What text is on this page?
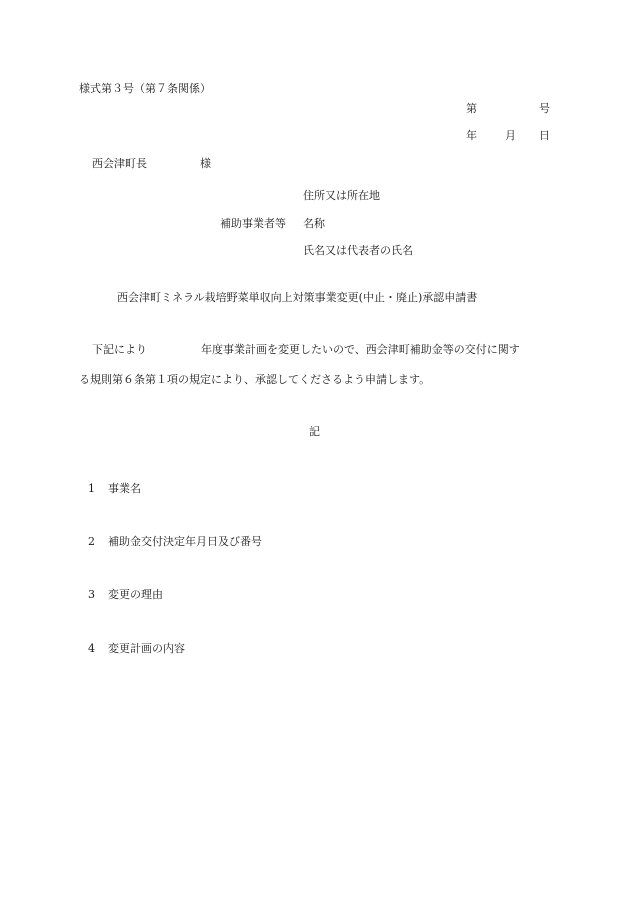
様式第３号（第７条関係）
第	号
年	月 日
西会津町長	様
住所又は所在地
補助事業者等 名称
氏名又は代表者の氏名
西会津町ミネラル栽培野菜単収向上対策事業変更(中止・廃止)承認申請書
下記により	年度事業計画を変更したいので、西会津町補助金等の交付に関す
る規則第６条第１項の規定により、承認してくださるよう申請します。
記
1 事業名
2 補助金交付決定年月日及び番号
3 変更の理由
4 変更計画の内容
